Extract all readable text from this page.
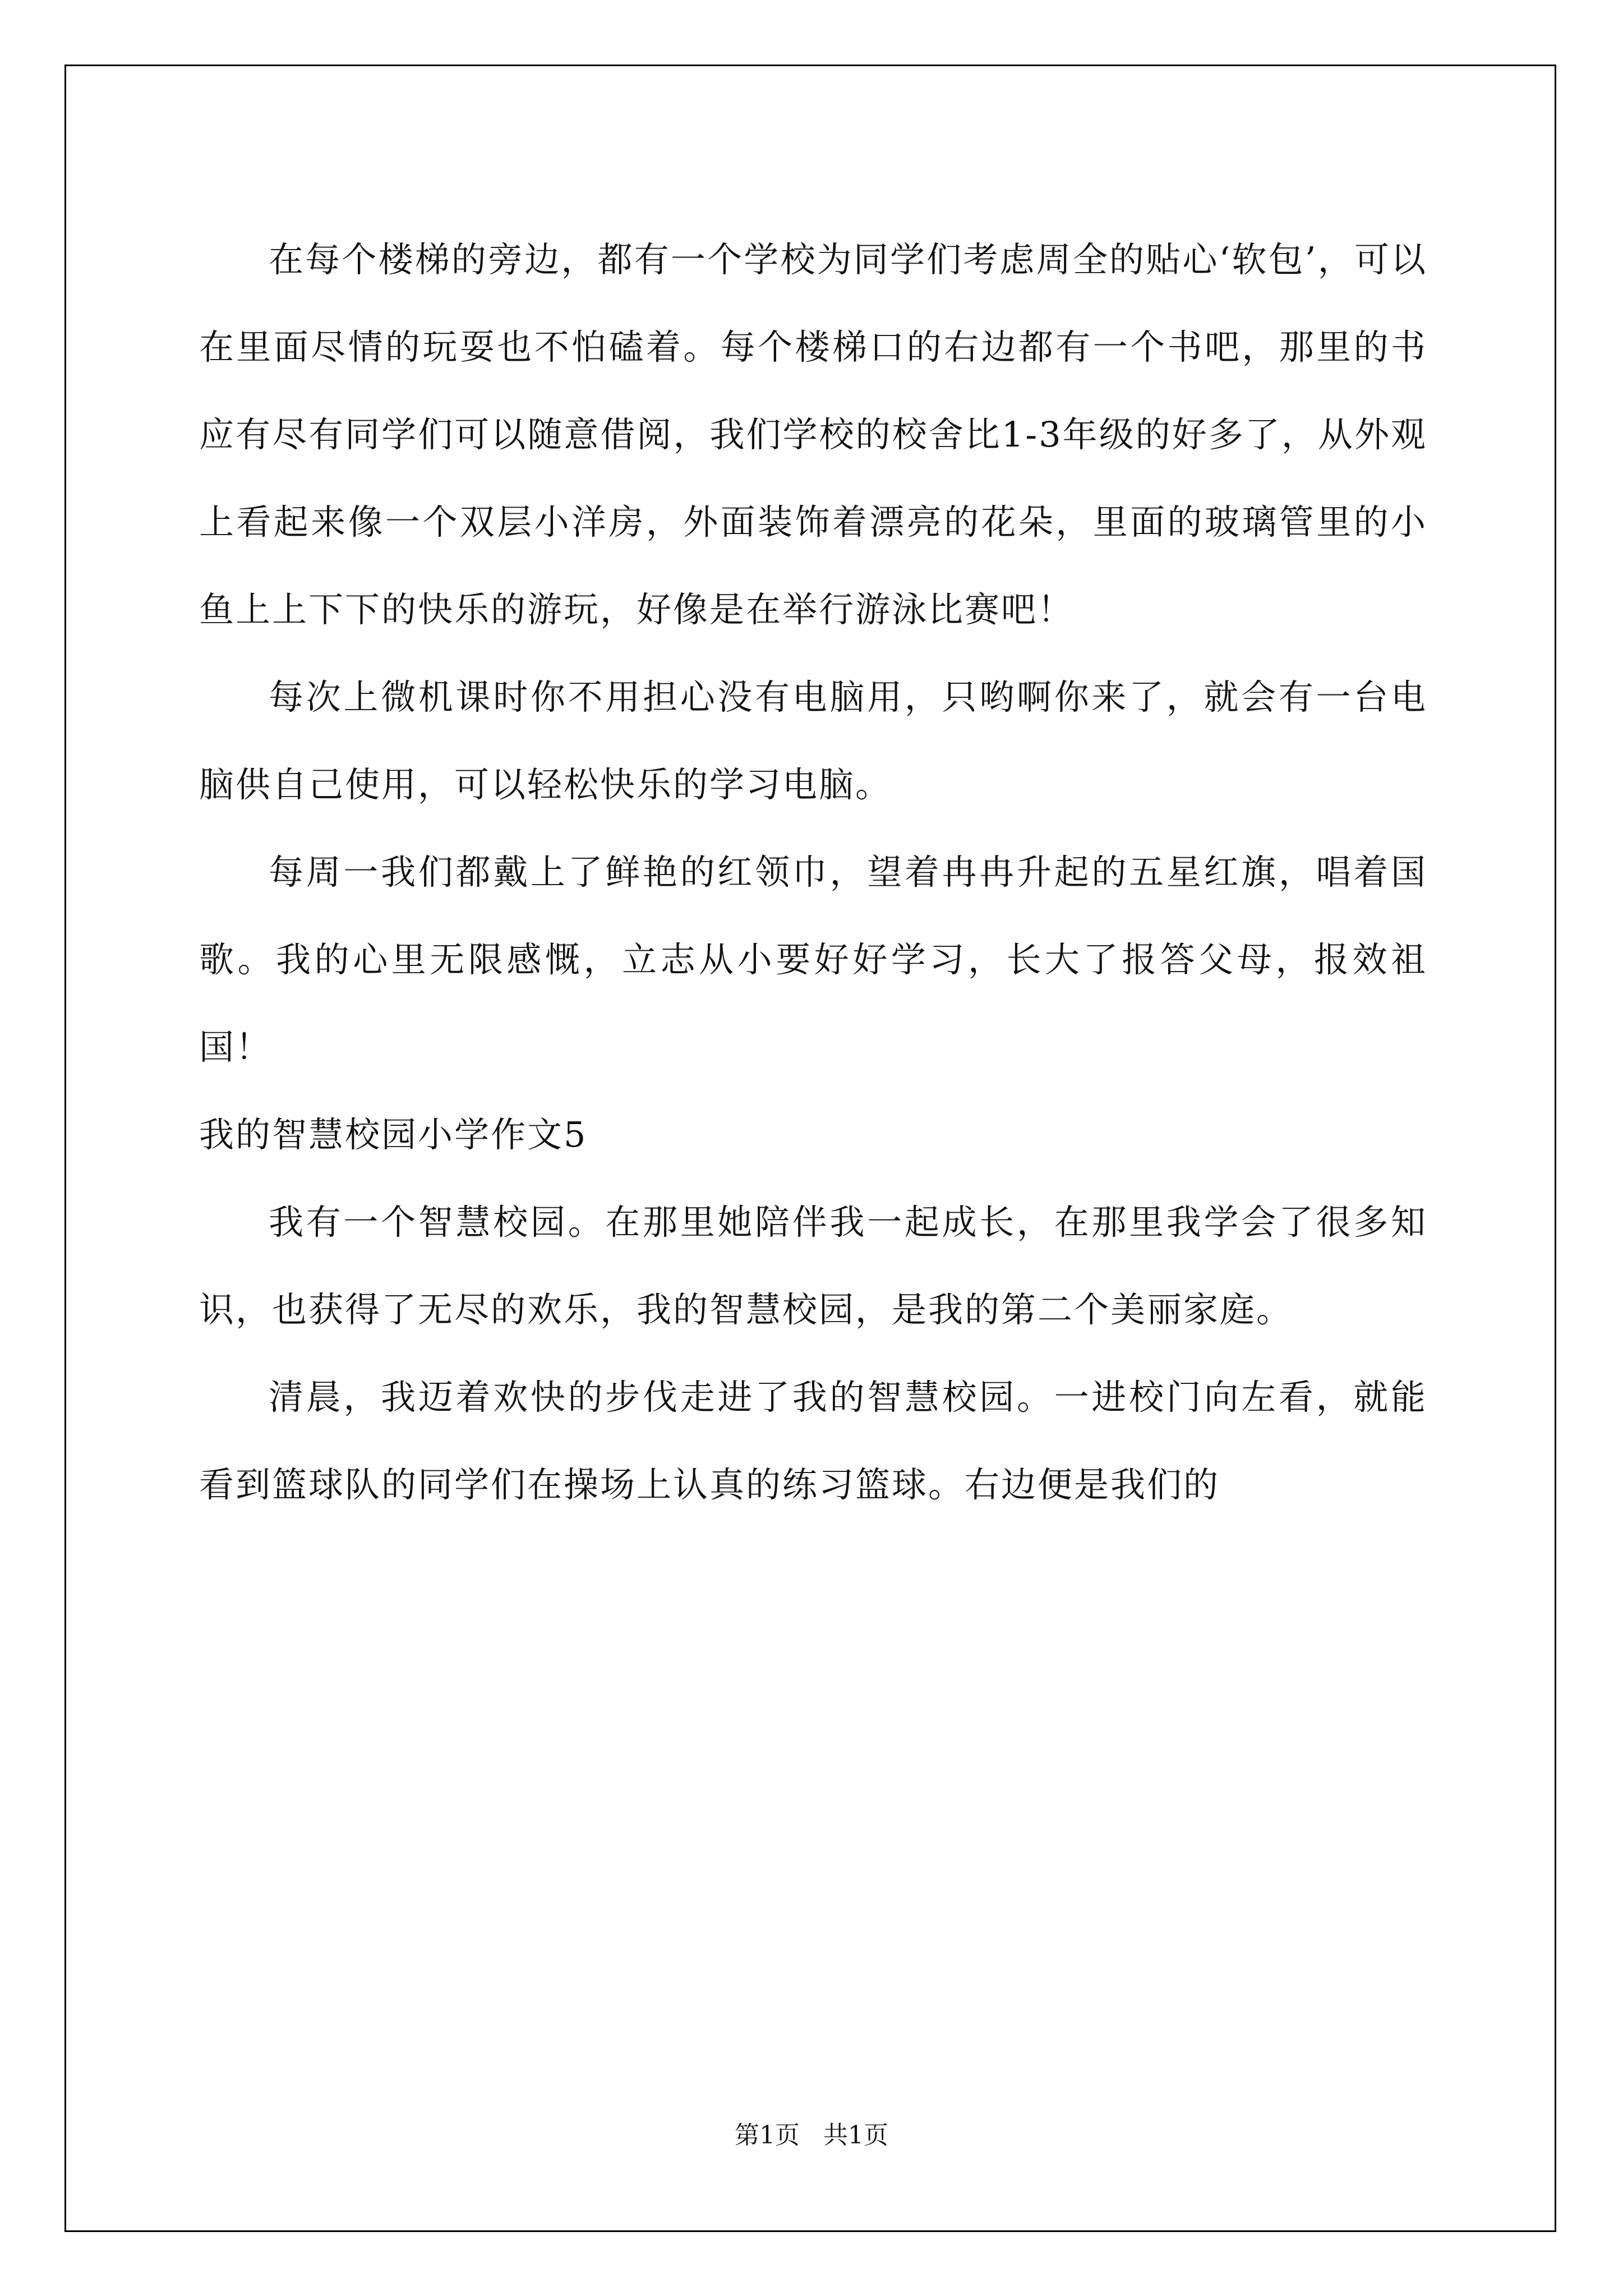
在每个楼梯的旁边，都有一个学校为同学们考虑周全的贴心‘软包’，可以在里面尽情的玩耍也不怕磕着。每个楼梯口的右边都有一个书吧，那里的书应有尽有同学们可以随意借阅，我们学校的校舍比1-3年级的好多了，从外观上看起来像一个双层小洋房，外面装饰着漂亮的花朵，里面的玻璃管里的小鱼上上下下的快乐的游玩，好像是在举行游泳比赛吧！

每次上微机课时你不用担心没有电脑用，只哟啊你来了，就会有一台电脑供自己使用，可以轻松快乐的学习电脑。

每周一我们都戴上了鲜艳的红领巾，望着冉冉升起的五星红旗，唱着国歌。我的心里无限感慨，立志从小要好好学习，长大了报答父母，报效祖国！

我的智慧校园小学作文5

我有一个智慧校园。在那里她陪伴我一起成长，在那里我学会了很多知识，也获得了无尽的欢乐，我的智慧校园，是我的第二个美丽家庭。

清晨，我迈着欢快的步伐走进了我的智慧校园。一进校门向左看，就能看到篮球队的同学们在操场上认真的练习篮球。右边便是我们的

第1页   共1页
